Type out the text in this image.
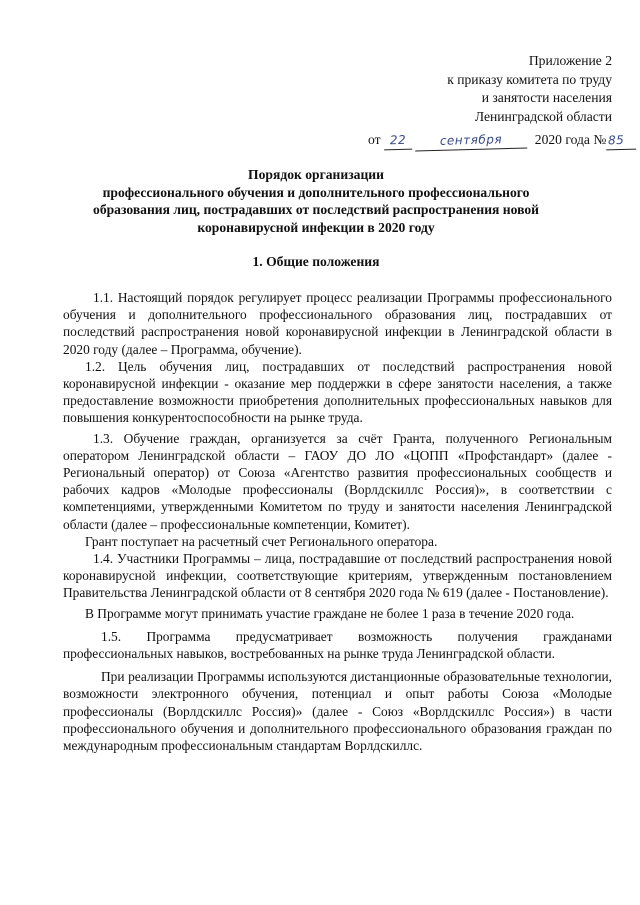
Приложение 2
к приказу комитета по труду
и занятости населения
Ленинградской области
от 22	сентября 2020 года № 85
Порядок организации
профессионального обучения и дополнительного профессионального
образования лиц, пострадавших от последствий распространения новой
коронавирусной инфекции в 2020 году
1. Общие положения

1.1. Настоящий порядок регулирует процесс реализации Программы профессионального обучения и дополнительного профессионального образования лиц, пострадавших от последствий распространения новой коронавирусной инфекции в Ленинградской области в 2020 году (далее – Программа, обучение).

1.2. Цель обучения лиц, пострадавших от последствий распространения новой коронавирусной инфекции - оказание мер поддержки в сфере занятости населения, а также предоставление возможности приобретения дополнительных профессиональных навыков для повышения конкурентоспособности на рынке труда.

1.3. Обучение граждан, организуется за счёт Гранта, полученного Региональным оператором Ленинградской области – ГАОУ ДО ЛО «ЦОПП «Профстандарт» (далее - Региональный оператор) от Союза «Агентство развития профессиональных сообществ и рабочих кадров «Молодые профессионалы (Ворлдскиллс Россия)», в соответствии с компетенциями, утвержденными Комитетом по труду и занятости населения Ленинградской области (далее – профессиональные компетенции, Комитет).

Грант поступает на расчетный счет Регионального оператора.

1.4. Участники Программы – лица, пострадавшие от последствий распространения новой коронавирусной инфекции, соответствующие критериям, утвержденным постановлением Правительства Ленинградской области от 8 сентября 2020 года № 619 (далее - Постановление).

В Программе могут принимать участие граждане не более 1 раза в течение 2020 года.

1.5. Программа предусматривает возможность получения гражданами профессиональных навыков, востребованных на рынке труда Ленинградской области.

При реализации Программы используются дистанционные образовательные технологии, возможности электронного обучения, потенциал и опыт работы Союза «Молодые профессионалы (Ворлдскиллс Россия)» (далее - Союз «Ворлдскиллс Россия») в части профессионального обучения и дополнительного профессионального образования граждан по международным профессиональным стандартам Ворлдскиллс.
